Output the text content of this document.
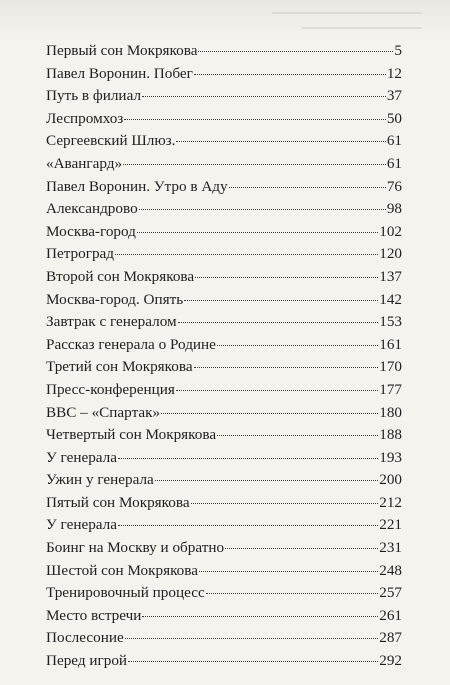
Первый сон Мокрякова	5
Павел Воронин. Побег	12
Путь в филиал	37
Леспромхоз	50
Сергеевский Шлюз.	61
«Авангард»	61
Павел Воронин. Утро в Аду	76
Александрово	98
Москва-город	102
Петроград	120
Второй сон Мокрякова	137
Москва-город. Опять	142
Завтрак с генералом	153
Рассказ генерала о Родине	161
Третий сон Мокрякова	170
Пресс-конференция	177
ВВС – «Спартак»	180
Четвертый сон Мокрякова	188
У генерала	193
Ужин у генерала	200
Пятый сон Мокрякова	212
У генерала	221
Боинг на Москву и обратно	231
Шестой сон Мокрякова	248
Тренировочный процесс	257
Место встречи	261
Послесоние	287
Перед игрой	292
